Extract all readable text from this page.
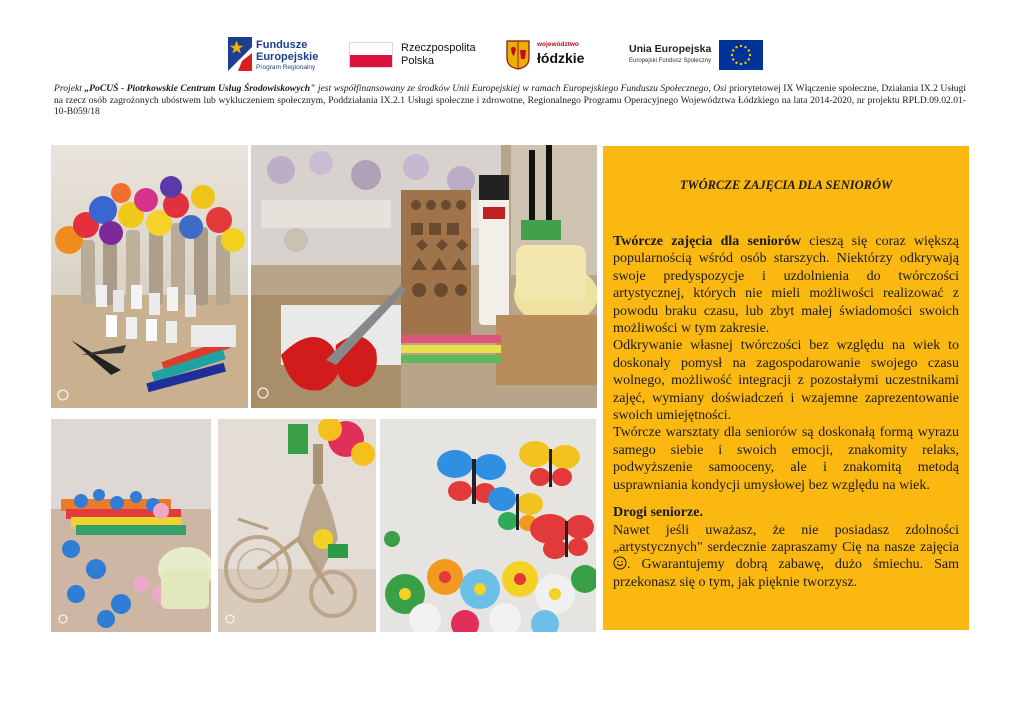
Fundusze
Europejskie
Program Regionalny
Rzeczpospolita
Polska
województwo
łódzkie
Unia Europejska
Europejski Fundusz Społeczny
Projekt „PoCUŚ - Piotrkowskie Centrum Usług Środowiskowych" jest współfinansowany ze środków Unii Europejskiej w ramach Europejskiego Funduszu Społecznego, Osi priorytetowej IX Włączenie społeczne, Działania IX.2 Usługi na rzecz osób zagrożonych ubóstwem lub wykluczeniem społecznym, Poddziałania IX.2.1 Usługi społeczne i zdrowotne, Regionalnego Programu Operacyjnego Województwa Łódzkiego na lata 2014-2020, nr projektu RPLD.09.02.01-10-B059/18
TWÓRCZE ZAJĘCIA DLA SENIORÓW

Twórcze zajęcia dla seniorów cieszą się coraz większą popularnością wśród osób starszych. Niektórzy odkrywają swoje predyspozycje i uzdolnienia do twórczości artystycznej, których nie mieli możliwości realizować z powodu braku czasu, lub zbyt małej świadomości swoich możliwości w tym zakresie.

Odkrywanie własnej twórczości bez względu na wiek to doskonały pomysł na zagospodarowanie swojego czasu wolnego, możliwość integracji z pozostałymi uczestnikami zajęć, wymiany doświadczeń i wzajemne zaprezentowanie swoich umiejętności.

Twórcze warsztaty dla seniorów są doskonałą formą wyrazu samego siebie i swoich emocji, znakomity relaks, podwyższenie samooceny, ale i znakomitą metodą usprawniania kondycji umysłowej bez względu na wiek.

Drogi seniorze.

Nawet jeśli uważasz, że nie posiadasz zdolności „artystycznych" serdecznie zapraszamy Cię na nasze zajęcia . Gwarantujemy dobrą zabawę, dużo śmiechu. Sam przekonasz się o tym, jak pięknie tworzysz.
